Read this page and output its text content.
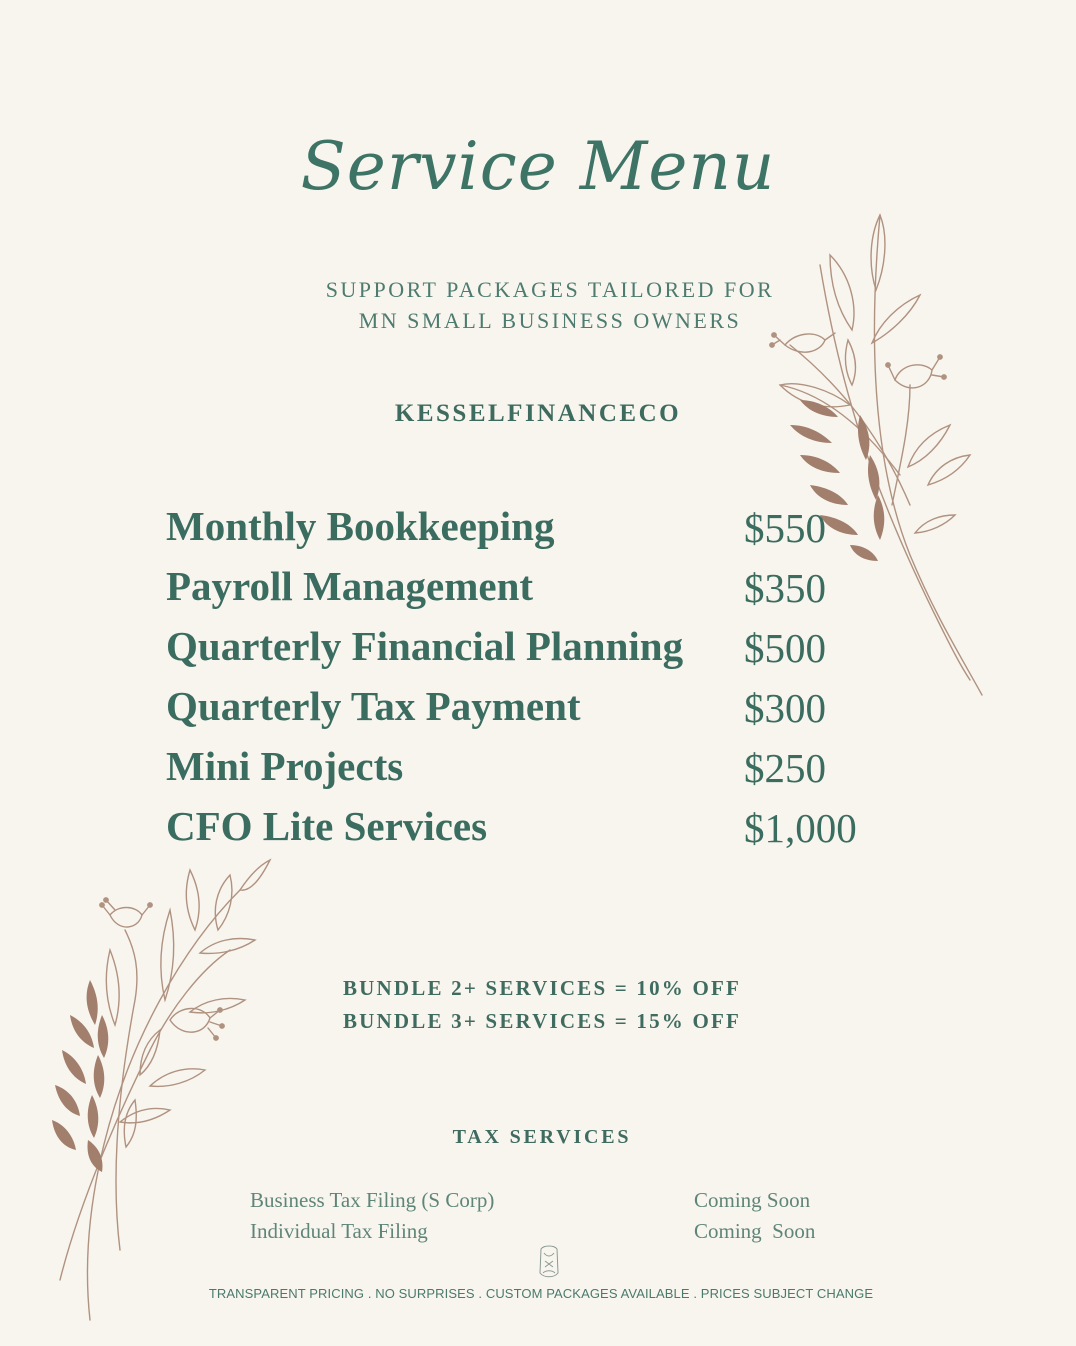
Service Menu
SUPPORT PACKAGES TAILORED FOR
MN SMALL BUSINESS OWNERS
KESSELFINANCECO
Monthly Bookkeeping	$550
Payroll Management	$350
Quarterly Financial Planning $500
Quarterly Tax Payment	$300
Mini Projects	$250
CFO Lite Services	$1,000
BUNDLE 2+ SERVICES = 10% OFF
BUNDLE 3+ SERVICES = 15% OFF
TAX SERVICES
Business Tax Filing (S Corp)	Coming Soon
Individual Tax Filing	Coming  Soon
TRANSPARENT PRICING . NO SURPRISES . CUSTOM PACKAGES AVAILABLE . PRICES SUBJECT CHANGE
